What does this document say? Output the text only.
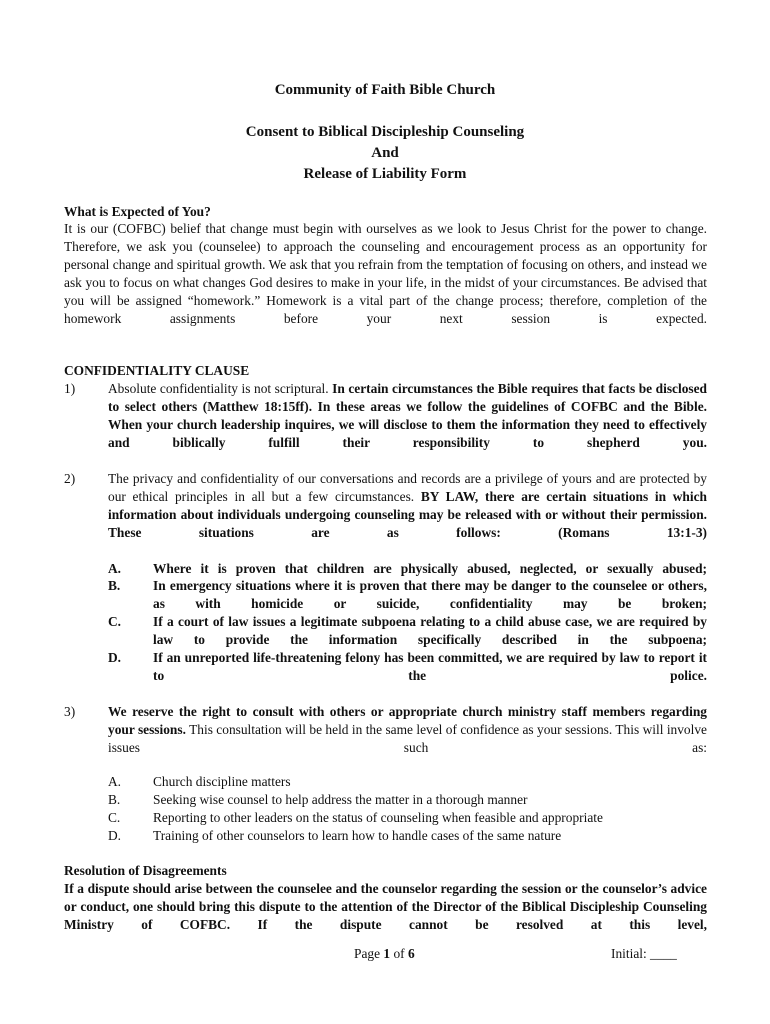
Community of Faith Bible Church
Consent to Biblical Discipleship Counseling
And
Release of Liability Form
What is Expected of You?
It is our (COFBC) belief that change must begin with ourselves as we look to Jesus Christ for the power to change. Therefore, we ask you (counselee) to approach the counseling and encouragement process as an opportunity for personal change and spiritual growth. We ask that you refrain from the temptation of focusing on others, and instead we ask you to focus on what changes God desires to make in your life, in the midst of your circumstances. Be advised that you will be assigned “homework.” Homework is a vital part of the change process; therefore, completion of the homework assignments before your next session is expected.
CONFIDENTIALITY CLAUSE
1) Absolute confidentiality is not scriptural. In certain circumstances the Bible requires that facts be disclosed to select others (Matthew 18:15ff). In these areas we follow the guidelines of COFBC and the Bible. When your church leadership inquires, we will disclose to them the information they need to effectively and biblically fulfill their responsibility to shepherd you.
2) The privacy and confidentiality of our conversations and records are a privilege of yours and are protected by our ethical principles in all but a few circumstances. BY LAW, there are certain situations in which information about individuals undergoing counseling may be released with or without their permission. These situations are as follows: (Romans 13:1-3)
A. Where it is proven that children are physically abused, neglected, or sexually abused;
B. In emergency situations where it is proven that there may be danger to the counselee or others, as with homicide or suicide, confidentiality may be broken;
C. If a court of law issues a legitimate subpoena relating to a child abuse case, we are required by law to provide the information specifically described in the subpoena;
D. If an unreported life-threatening felony has been committed, we are required by law to report it to the police.
3) We reserve the right to consult with others or appropriate church ministry staff members regarding your sessions. This consultation will be held in the same level of confidence as your sessions. This will involve issues such as:
A. Church discipline matters
B. Seeking wise counsel to help address the matter in a thorough manner
C. Reporting to other leaders on the status of counseling when feasible and appropriate
D. Training of other counselors to learn how to handle cases of the same nature
Resolution of Disagreements
If a dispute should arise between the counselee and the counselor regarding the session or the counselor’s advice or conduct, one should bring this dispute to the attention of the Director of the Biblical Discipleship Counseling Ministry of COFBC. If the dispute cannot be resolved at this level,
Page 1 of 6	Initial: ____
